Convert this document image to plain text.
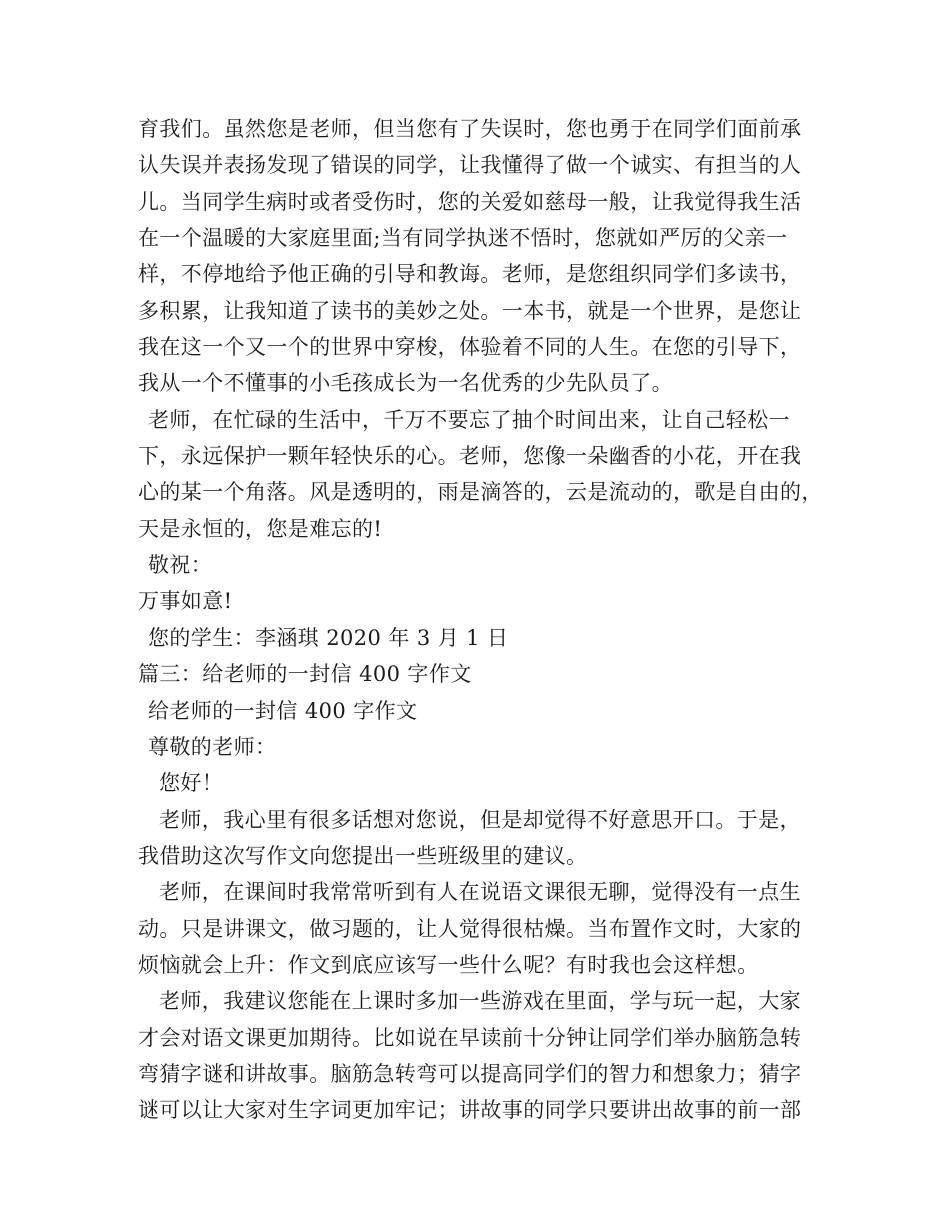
育我们。虽然您是老师，但当您有了失误时，您也勇于在同学们面前承
认失误并表扬发现了错误的同学，让我懂得了做一个诚实、有担当的人
儿。当同学生病时或者受伤时，您的关爱如慈母一般，让我觉得我生活
在一个温暖的大家庭里面;当有同学执迷不悟时，您就如严厉的父亲一
样，不停地给予他正确的引导和教诲。老师，是您组织同学们多读书，
多积累，让我知道了读书的美妙之处。一本书，就是一个世界，是您让
我在这一个又一个的世界中穿梭，体验着不同的人生。在您的引导下，
我从一个不懂事的小毛孩成长为一名优秀的少先队员了。
老师，在忙碌的生活中，千万不要忘了抽个时间出来，让自己轻松一
下，永远保护一颗年轻快乐的心。老师，您像一朵幽香的小花，开在我
心的某一个角落。风是透明的，雨是滴答的，云是流动的，歌是自由的，
天是永恒的，您是难忘的!
敬祝：
万事如意!
您的学生：李涵琪 2020 年 3 月 1 日
篇三：给老师的一封信 400 字作文
给老师的一封信 400 字作文
尊敬的老师：
您好！
老师，我心里有很多话想对您说，但是却觉得不好意思开口。于是，
我借助这次写作文向您提出一些班级里的建议。
老师，在课间时我常常听到有人在说语文课很无聊，觉得没有一点生
动。只是讲课文，做习题的，让人觉得很枯燥。当布置作文时，大家的
烦恼就会上升：作文到底应该写一些什么呢？有时我也会这样想。
老师，我建议您能在上课时多加一些游戏在里面，学与玩一起，大家
才会对语文课更加期待。比如说在早读前十分钟让同学们举办脑筋急转
弯猜字谜和讲故事。脑筋急转弯可以提高同学们的智力和想象力；猜字
谜可以让大家对生字词更加牢记；讲故事的同学只要讲出故事的前一部
